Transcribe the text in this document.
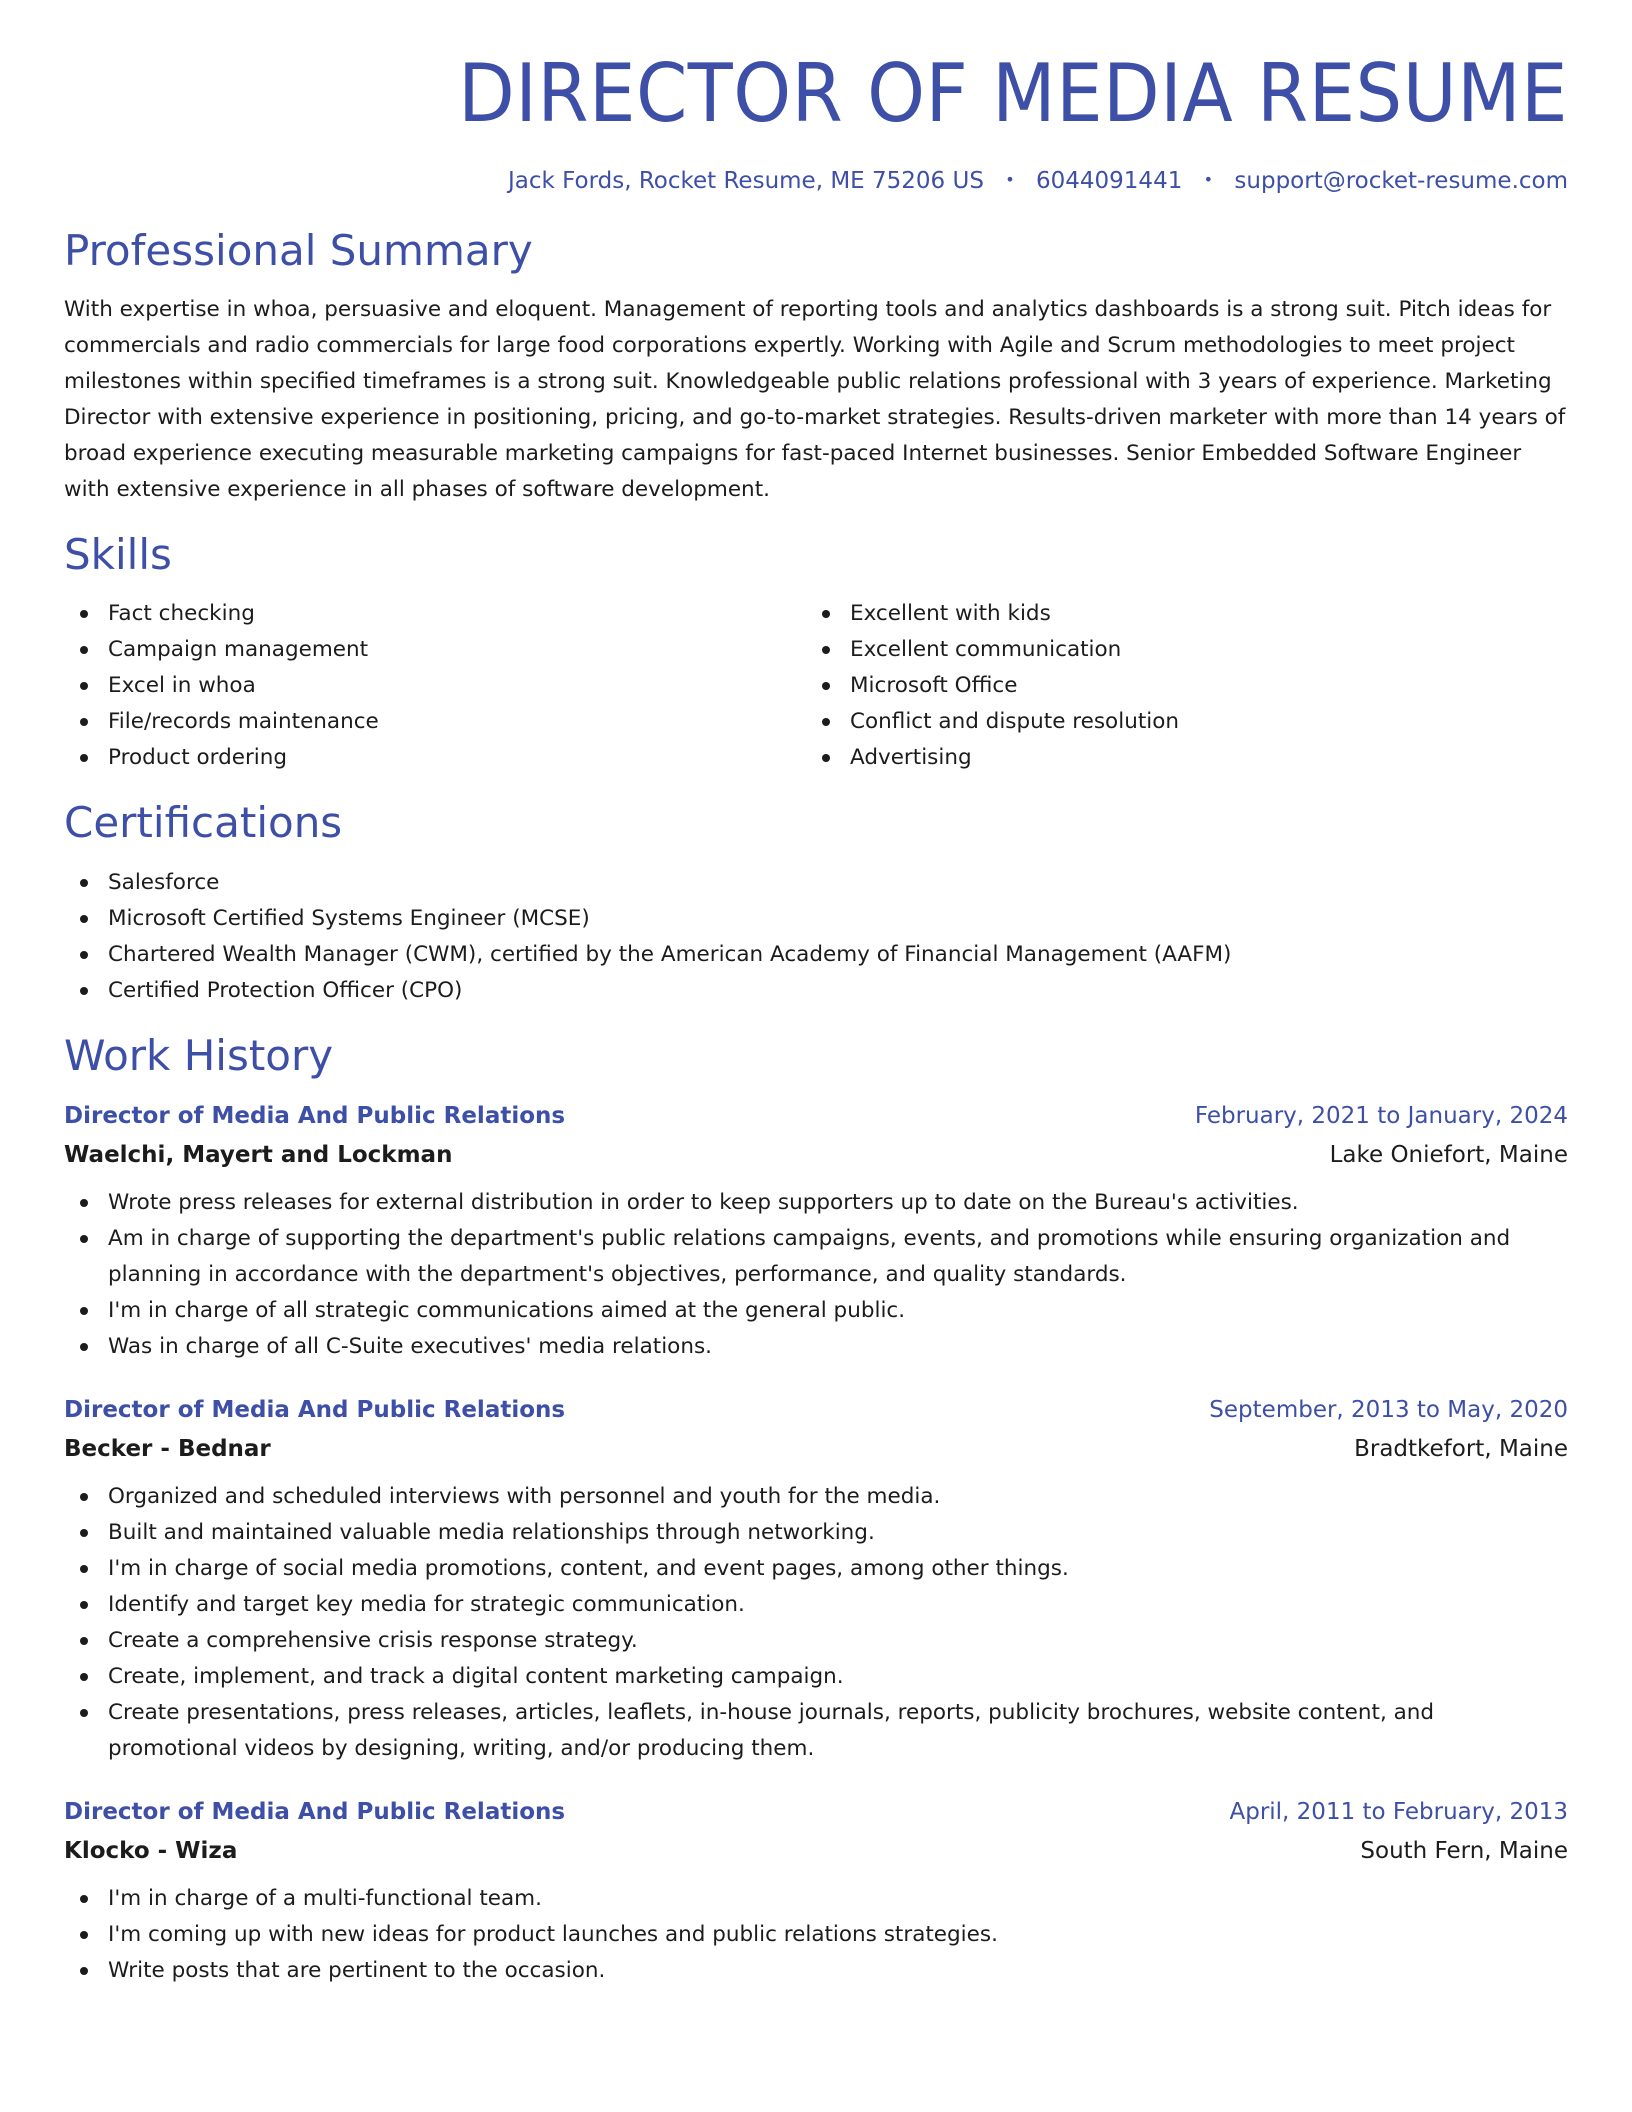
DIRECTOR OF MEDIA RESUME
Jack Fords, Rocket Resume, ME 75206 US • 6044091441 • support@rocket-resume.com
Professional Summary

With expertise in whoa, persuasive and eloquent. Management of reporting tools and analytics dashboards is a strong suit. Pitch ideas for commercials and radio commercials for large food corporations expertly. Working with Agile and Scrum methodologies to meet project milestones within specified timeframes is a strong suit. Knowledgeable public relations professional with 3 years of experience. Marketing Director with extensive experience in positioning, pricing, and go-to-market strategies. Results-driven marketer with more than 14 years of broad experience executing measurable marketing campaigns for fast-paced Internet businesses. Senior Embedded Software Engineer with extensive experience in all phases of software development.

Skills
Fact checking
Campaign management
Excel in whoa
File/records maintenance
Product ordering
Excellent with kids
Excellent communication
Microsoft Office
Conflict and dispute resolution
Advertising
Certifications
Salesforce
Microsoft Certified Systems Engineer (MCSE)
Chartered Wealth Manager (CWM), certified by the American Academy of Financial Management (AAFM)
Certified Protection Officer (CPO)
Work History
Director of Media And Public Relations	February, 2021 to January, 2024
Waelchi, Mayert and Lockman	Lake Oniefort, Maine
Wrote press releases for external distribution in order to keep supporters up to date on the Bureau's activities.
Am in charge of supporting the department's public relations campaigns, events, and promotions while ensuring organization and planning in accordance with the department's objectives, performance, and quality standards.
I'm in charge of all strategic communications aimed at the general public.
Was in charge of all C-Suite executives' media relations.
Director of Media And Public Relations	September, 2013 to May, 2020
Becker - Bednar	Bradtkefort, Maine
Organized and scheduled interviews with personnel and youth for the media.
Built and maintained valuable media relationships through networking.
I'm in charge of social media promotions, content, and event pages, among other things.
Identify and target key media for strategic communication.
Create a comprehensive crisis response strategy.
Create, implement, and track a digital content marketing campaign.
Create presentations, press releases, articles, leaflets, in-house journals, reports, publicity brochures, website content, and promotional videos by designing, writing, and/or producing them.
Director of Media And Public Relations	April, 2011 to February, 2013
Klocko - Wiza	South Fern, Maine
I'm in charge of a multi-functional team.
I'm coming up with new ideas for product launches and public relations strategies.
Write posts that are pertinent to the occasion.
